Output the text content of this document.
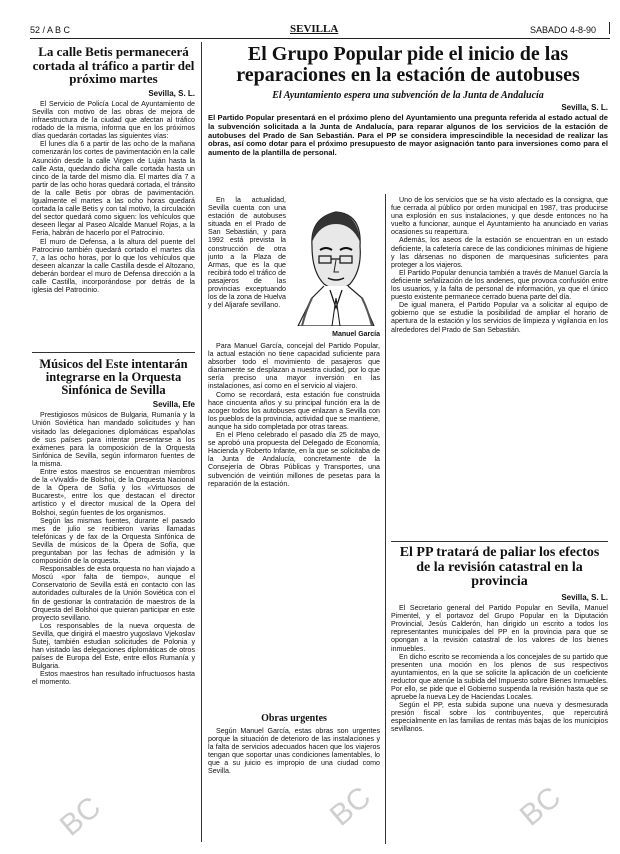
52 / A B C	SEVILLA	SABADO 4-8-90
La calle Betis permanecerá cortada al tráfico a partir del próximo martes
Sevilla, S. L.

El Servicio de Policía Local de Ayuntamiento de Sevilla con motivo de las obras de mejora de infraestructura de la ciudad que afectan al tráfico rodado de la misma, informa que en los próximos días quedarán cortadas las siguientes vías:

El lunes día 6 a partir de las ocho de la mañana comenzarán los cortes de pavimentación en la calle Asunción desde la calle Virgen de Luján hasta la calle Asta, quedando dicha calle cortada hasta un cinco de la tarde del mismo día. El martes día 7 a partir de las ocho horas quedará cortada, el tránsito de la calle Betis por obras de pavimentación. Igualmente el martes a las ocho horas quedará cortada la calle Betis y con tal motivo, la circulación del sector quedará como siguen: los vehículos que deseen llegar al Paseo Alcalde Manuel Rojas, a la Feria, habrán de hacerlo por el Patrocinio.

El muro de Defensa, a la altura del puente del Patrocinio también quedará cortado el martes día 7, a las ocho horas, por lo que los vehículos que deseen alcanzar la calle Castilla desde el Altozano, deberán bordear el muro de Defensa dirección a la calle Castilla, incorporándose por detrás de la iglesia del Patrocinio.

Músicos del Este intentarán integrarse en la Orquesta Sinfónica de Sevilla
Sevilla, Efe

Prestigiosos músicos de Bulgaria, Rumanía y la Unión Soviética han mandado solicitudes y han visitado las delegaciones diplomáticas españolas de sus países para intentar presentarse a los exámenes para la composición de la Orquesta Sinfónica de Sevilla, según informaron fuentes de la misma.

Entre estos maestros se encuentran miembros de la «Vivaldi» de Bolshoi, de la Orquesta Nacional de la Ópera de Sofía y los «Virtuosos de Bucarest», entre los que destacan el director artístico y el director musical de la Opera del Bolshoi, según fuentes de los organismos.

Según las mismas fuentes, durante el pasado mes de julio se recibieron varias llamadas telefónicas y de fax de la Orquesta Sinfónica de Sevilla de músicos de la Ópera de Sofía, que preguntaban por las fechas de admisión y la composición de la orquesta.

Responsables de esta orquesta no han viajado a Moscú «por falta de tiempo», aunque el Conservatorio de Sevilla está en contacto con las autoridades culturales de la Unión Soviética con el fin de gestionar la contratación de maestros de la Orquesta del Bolshoi que quieran participar en este proyecto sevillano.

Los responsables de la nueva orquesta de Sevilla, que dirigirá el maestro yugoslavo Vjekoslav Šutej, también estudian solicitudes de Polonia y han visitado las delegaciones diplomáticas de otros países de Europa del Este, entre ellos Rumanía y Bulgaria.

Estos maestros han resultado infructuosos hasta el momento.

El Grupo Popular pide el inicio de las reparaciones en la estación de autobuses
El Ayuntamiento espera una subvención de la Junta de Andalucía
Sevilla, S. L.
El Partido Popular presentará en el próximo pleno del Ayuntamiento una pregunta referida al estado actual de la subvención solicitada a la Junta de Andalucía, para reparar algunos de los servicios de la estación de autobuses del Prado de San Sebastián. Para el PP se considera imprescindible la necesidad de realizar las obras, así como dotar para el próximo presupuesto de mayor asignación tanto para inversiones como para el aumento de la plantilla de personal.

En la actualidad, Sevilla cuenta con una estación de autobuses situada en el Prado de San Sebastián, y para 1992 está prevista la construcción de otra junto a la Plaza de Armas, que es la que recibirá todo el tráfico de pasajeros de las provincias exceptuando los de la zona de Huelva y del Aljarafe sevillano.

Manuel García

Para Manuel García, concejal del Partido Popular, la actual estación no tiene capacidad suficiente para absorber todo el movimiento de pasajeros que diariamente se desplazan a nuestra ciudad, por lo que sería preciso una mayor inversión en las instalaciones, así como en el servicio al viajero.

Como se recordará, esta estación fue construida hace cincuenta años y su principal función era la de acoger todos los autobuses que enlazan a Sevilla con los pueblos de la provincia, actividad que se mantiene, aunque ha sido completada por otras tareas.

En el Pleno celebrado el pasado día 25 de mayo, se aprobó una propuesta del Delegado de Economía, Hacienda y Roberto Infante, en la que se solicitaba de la Junta de Andalucía, concretamente de la Consejería de Obras Públicas y Transportes, una subvención de veintiún millones de pesetas para la reparación de la estación.

Obras urgentes

Según Manuel García, estas obras son urgentes porque la situación de deterioro de las instalaciones y la falta de servicios adecuados hacen que los viajeros tengan que soportar unas condiciones lamentables, lo que a su juicio es impropio de una ciudad como Sevilla.

Uno de los servicios que se ha visto afectado es la consigna, que fue cerrada al público por orden municipal en 1987, tras producirse una explosión en sus instalaciones, y que desde entonces no ha vuelto a funcionar, aunque el Ayuntamiento ha anunciado en varias ocasiones su reapertura.

Además, los aseos de la estación se encuentran en un estado deficiente, la cafetería carece de las condiciones mínimas de higiene y las dársenas no disponen de marquesinas suficientes para proteger a los viajeros.

El Partido Popular denuncia también a través de Manuel García la deficiente señalización de los andenes, que provoca confusión entre los usuarios, y la falta de personal de información, ya que el único puesto existente permanece cerrado buena parte del día.

De igual manera, el Partido Popular va a solicitar al equipo de gobierno que se estudie la posibilidad de ampliar el horario de apertura de la estación y los servicios de limpieza y vigilancia en los alrededores del Prado de San Sebastián.

El PP tratará de paliar los efectos de la revisión catastral en la provincia
Sevilla, S. L.

El Secretario general del Partido Popular en Sevilla, Manuel Pimentel, y el portavoz del Grupo Popular en la Diputación Provincial, Jesús Calderón, han dirigido un escrito a todos los representantes municipales del PP en la provincia para que se opongan a la revisión catastral de los valores de los bienes inmuebles.

En dicho escrito se recomienda a los concejales de su partido que presenten una moción en los plenos de sus respectivos ayuntamientos, en la que se solicite la aplicación de un coeficiente reductor que atenúe la subida del Impuesto sobre Bienes Inmuebles. Por ello, se pide que el Gobierno suspenda la revisión hasta que se apruebe la nueva Ley de Haciendas Locales.

Según el PP, esta subida supone una nueva y desmesurada presión fiscal sobre los contribuyentes, que repercutirá especialmente en las familias de rentas más bajas de los municipios sevillanos.

BC	BC
BC
